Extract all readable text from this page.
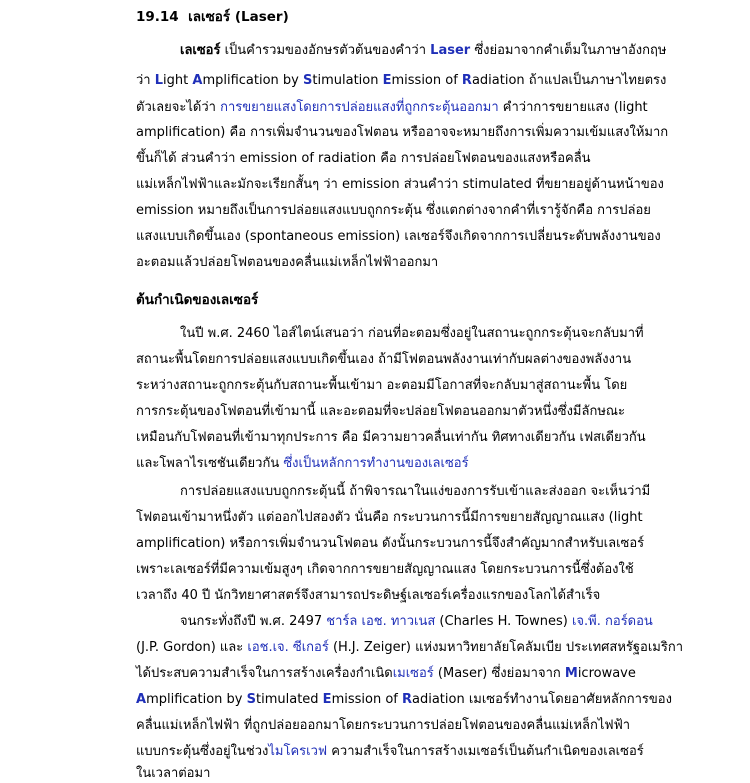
19.14 เลเซอร์ (Laser)
เลเซอร์ เป็นคำรวมของอักษรตัวต้นของคำว่า Laser ซึ่งย่อมาจากคำเต็มในภาษาอังกฤษ
ว่า Light Amplification by Stimulation Emission of Radiation ถ้าแปลเป็นภาษาไทยตรง
ตัวเลยจะได้ว่า การขยายแสงโดยการปล่อยแสงที่ถูกกระตุ้นออกมา คำว่าการขยายแสง (light
amplification) คือ การเพิ่มจำนวนของโฟตอน หรืออาจจะหมายถึงการเพิ่มความเข้มแสงให้มาก
ขึ้นก็ได้ ส่วนคำว่า emission of radiation คือ การปล่อยโฟตอนของแสงหรือคลื่น
แม่เหล็กไฟฟ้าและมักจะเรียกสั้นๆ ว่า emission ส่วนคำว่า stimulated ที่ขยายอยู่ด้านหน้าของ
emission หมายถึงเป็นการปล่อยแสงแบบถูกกระตุ้น ซึ่งแตกต่างจากคำที่เรารู้จักคือ การปล่อย
แสงแบบเกิดขึ้นเอง (spontaneous emission) เลเซอร์จึงเกิดจากการเปลี่ยนระดับพลังงานของ
อะตอมแล้วปล่อยโฟตอนของคลื่นแม่เหล็กไฟฟ้าออกมา
ต้นกำเนิดของเลเซอร์
ในปี พ.ศ. 2460 ไอส์ไตน์เสนอว่า ก่อนที่อะตอมซึ่งอยู่ในสถานะถูกกระตุ้นจะกลับมาที่
สถานะพื้นโดยการปล่อยแสงแบบเกิดขึ้นเอง ถ้ามีโฟตอนพลังงานเท่ากับผลต่างของพลังงาน
ระหว่างสถานะถูกกระตุ้นกับสถานะพื้นเข้ามา อะตอมมีโอกาสที่จะกลับมาสู่สถานะพื้น โดย
การกระตุ้นของโฟตอนที่เข้ามานี้ และอะตอมที่จะปล่อยโฟตอนออกมาตัวหนึ่งซึ่งมีลักษณะ
เหมือนกับโฟตอนที่เข้ามาทุกประการ คือ มีความยาวคลื่นเท่ากัน ทิศทางเดียวกัน เฟสเดียวกัน
และโพลาไรเซชันเดียวกัน ซึ่งเป็นหลักการทำงานของเลเซอร์
การปล่อยแสงแบบถูกกระตุ้นนี้ ถ้าพิจารณาในแง่ของการรับเข้าและส่งออก จะเห็นว่ามี
โฟตอนเข้ามาหนึ่งตัว แต่ออกไปสองตัว นั่นคือ กระบวนการนี้มีการขยายสัญญาณแสง (light
amplification) หรือการเพิ่มจำนวนโฟตอน ดังนั้นกระบวนการนี้จึงสำคัญมากสำหรับเลเซอร์
เพราะเลเซอร์ที่มีความเข้มสูงๆ เกิดจากการขยายสัญญาณแสง โดยกระบวนการนี้ซึ่งต้องใช้
เวลาถึง 40 ปี นักวิทยาศาสตร์จึงสามารถประดิษฐ์เลเซอร์เครื่องแรกของโลกได้สำเร็จ
จนกระทั่งถึงปี พ.ศ. 2497 ชาร์ล เอช. ทาวเนส (Charles H. Townes) เจ.พี. กอร์ดอน
(J.P. Gordon) และ เอช.เจ. ซีเกอร์ (H.J. Zeiger) แห่งมหาวิทยาลัยโคลัมเบีย ประเทศสหรัฐอเมริกา
ได้ประสบความสำเร็จในการสร้างเครื่องกำเนิดเมเซอร์ (Maser) ซึ่งย่อมาจาก Microwave
Amplification by Stimulated Emission of Radiation เมเซอร์ทำงานโดยอาศัยหลักการของ
คลื่นแม่เหล็กไฟฟ้า ที่ถูกปล่อยออกมาโดยกระบวนการปล่อยโฟตอนของคลื่นแม่เหล็กไฟฟ้า
แบบกระตุ้นซึ่งอยู่ในช่วงไมโครเวฟ ความสำเร็จในการสร้างเมเซอร์เป็นต้นกำเนิดของเลเซอร์
ในเวลาต่อมา
